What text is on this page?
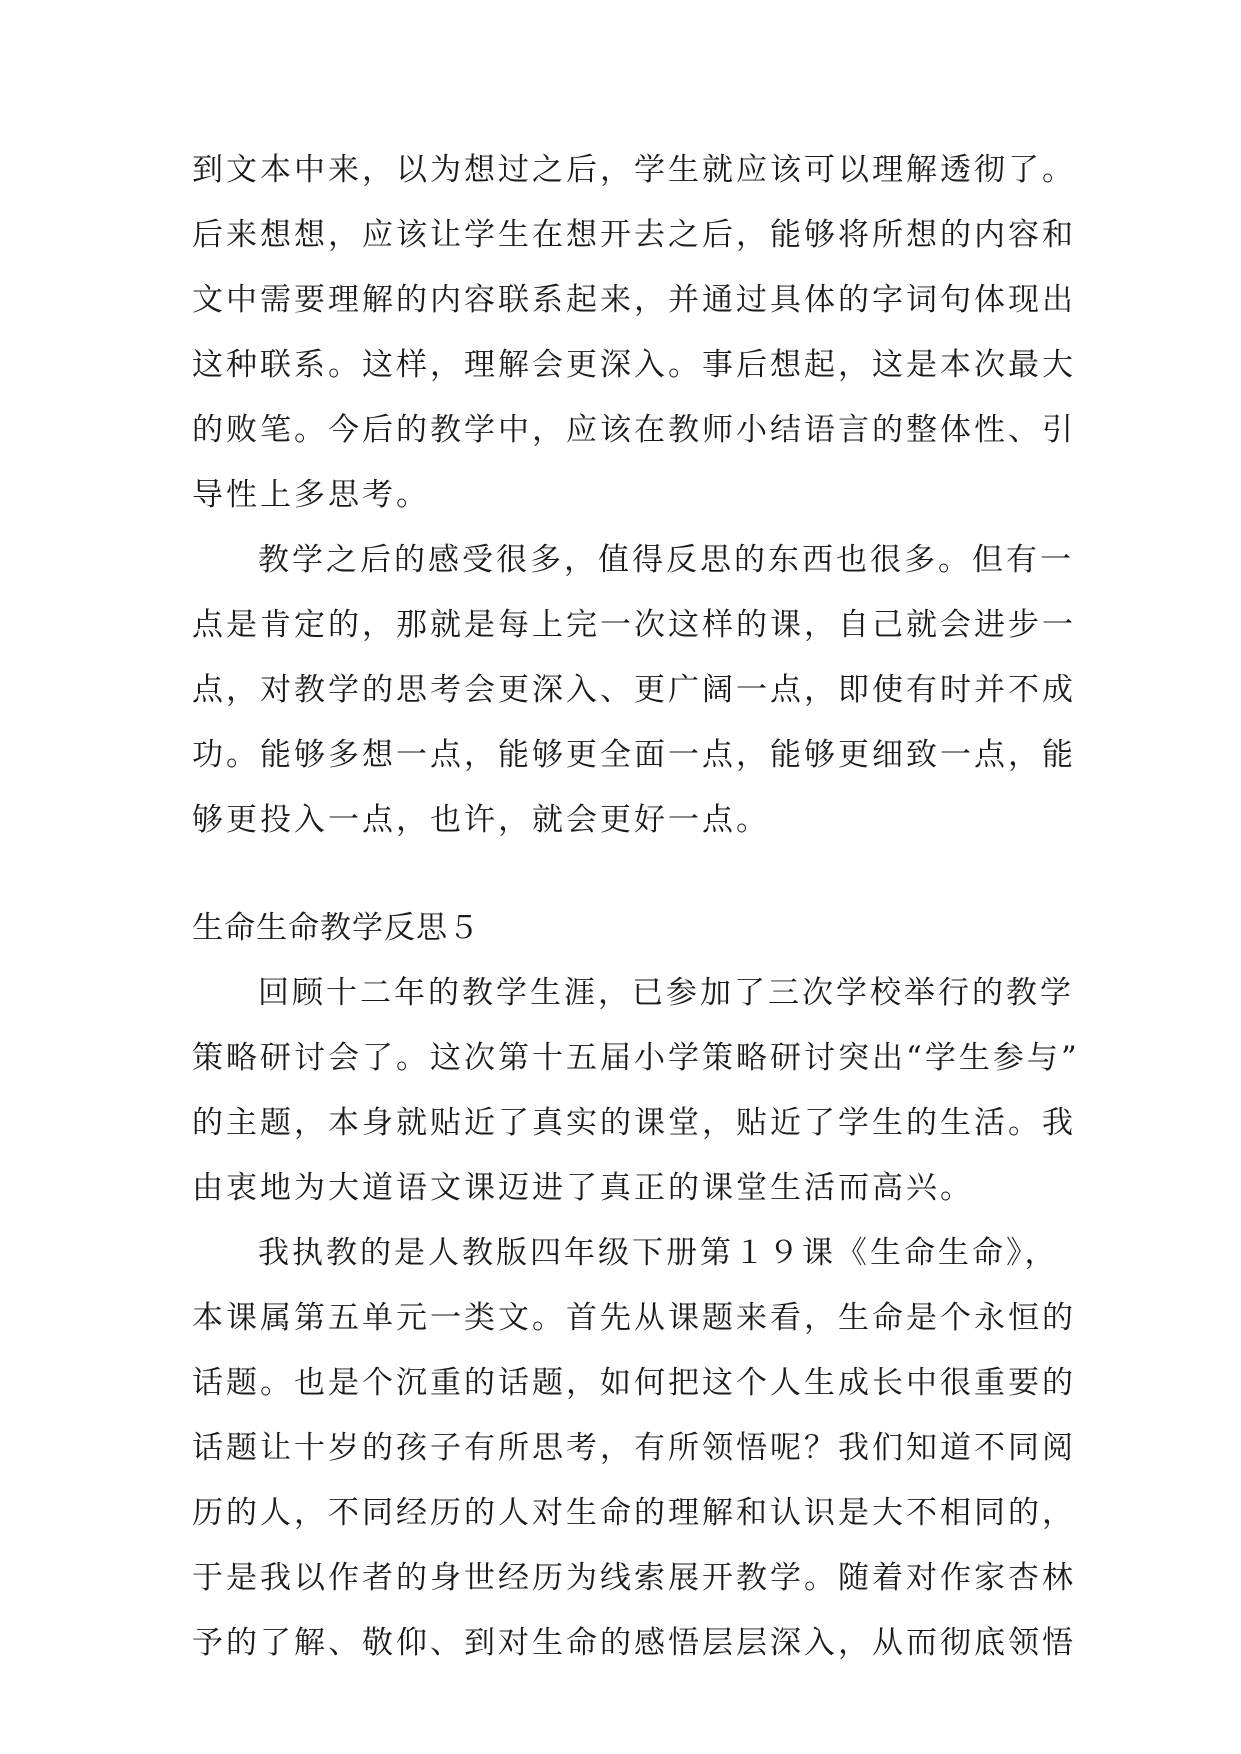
到文本中来，以为想过之后，学生就应该可以理解透彻了。
后来想想，应该让学生在想开去之后，能够将所想的内容和
文中需要理解的内容联系起来，并通过具体的字词句体现出
这种联系。这样，理解会更深入。事后想起，这是本次最大
的败笔。今后的教学中，应该在教师小结语言的整体性、引
导性上多思考。
教学之后的感受很多，值得反思的东西也很多。但有一
点是肯定的，那就是每上完一次这样的课，自己就会进步一
点，对教学的思考会更深入、更广阔一点，即使有时并不成
功。能够多想一点，能够更全面一点，能够更细致一点，能
够更投入一点，也许，就会更好一点。
生命生命教学反思５
回顾十二年的教学生涯，已参加了三次学校举行的教学
策略研讨会了。这次第十五届小学策略研讨突出“学生参与”
的主题，本身就贴近了真实的课堂，贴近了学生的生活。我
由衷地为大道语文课迈进了真正的课堂生活而高兴。
我执教的是人教版四年级下册第１９课《生命生命》，
本课属第五单元一类文。首先从课题来看，生命是个永恒的
话题。也是个沉重的话题，如何把这个人生成长中很重要的
话题让十岁的孩子有所思考，有所领悟呢？我们知道不同阅
历的人，不同经历的人对生命的理解和认识是大不相同的，
于是我以作者的身世经历为线索展开教学。随着对作家杏林
予的了解、敬仰、到对生命的感悟层层深入，从而彻底领悟
